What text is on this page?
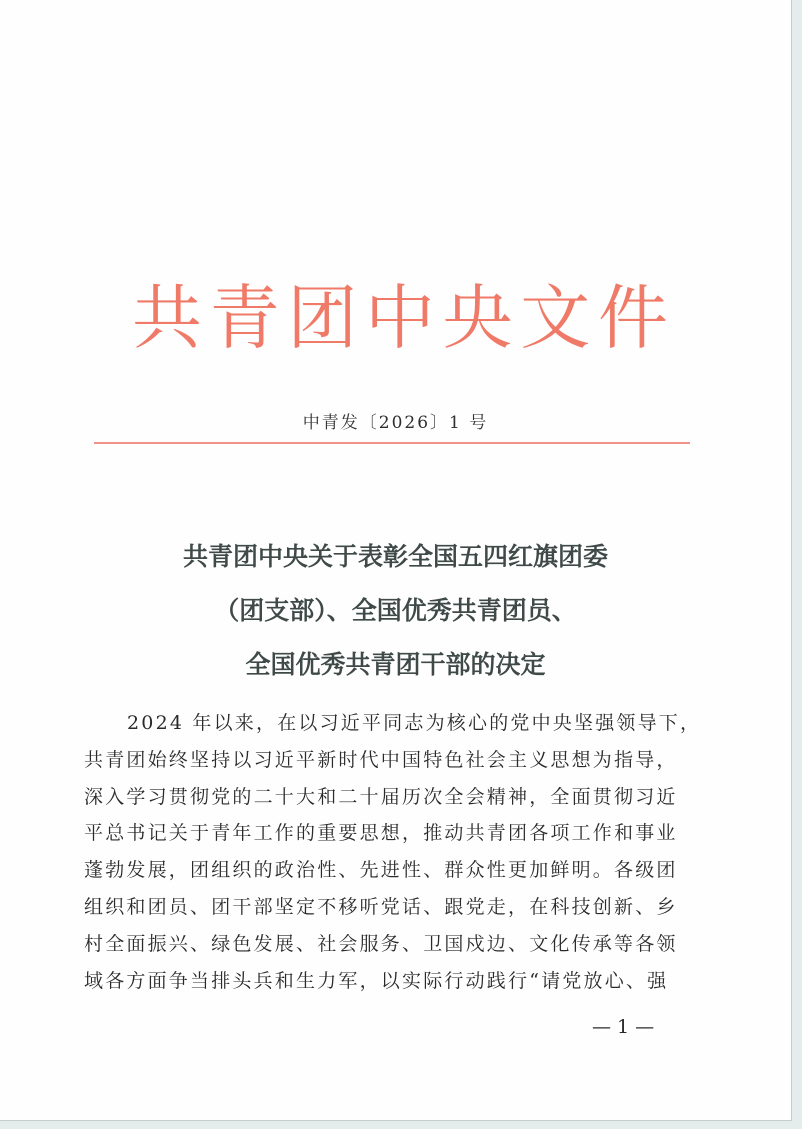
共 青 团 中 央 文 件
中青发〔2026〕1 号
共青团中央关于表彰全国五四红旗团委
（团支部）、全国优秀共青团员、
全国优秀共青团干部的决定
2024 年以来，在以习近平同志为核心的党中央坚强领导下，
共青团始终坚持以习近平新时代中国特色社会主义思想为指导，
深入学习贯彻党的二十大和二十届历次全会精神，全面贯彻习近
平总书记关于青年工作的重要思想，推动共青团各项工作和事业
蓬勃发展，团组织的政治性、先进性、群众性更加鲜明。各级团
组织和团员、团干部坚定不移听党话、跟党走，在科技创新、乡
村全面振兴、绿色发展、社会服务、卫国戍边、文化传承等各领
域各方面争当排头兵和生力军，以实际行动践行“请党放心、强
— 1 —
